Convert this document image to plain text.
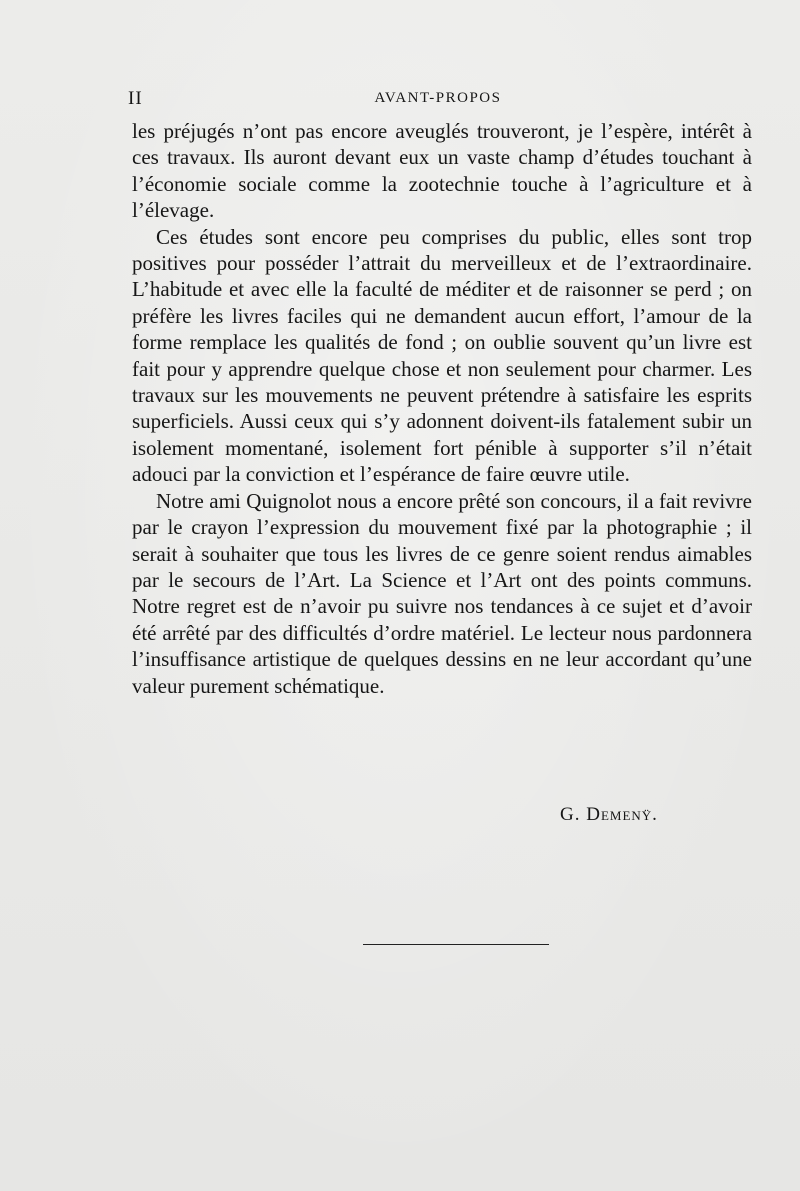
II	AVANT-PROPOS

les préjugés n’ont pas encore aveuglés trouveront, je l’espère, intérêt à ces travaux. Ils auront devant eux un vaste champ d’études touchant à l’économie sociale comme la zootechnie touche à l’agriculture et à l’élevage.

Ces études sont encore peu comprises du public, elles sont trop positives pour posséder l’attrait du merveilleux et de l’extraordinaire. L’habitude et avec elle la faculté de méditer et de raisonner se perd ; on préfère les livres faciles qui ne demandent aucun effort, l’amour de la forme remplace les qualités de fond ; on oublie souvent qu’un livre est fait pour y apprendre quelque chose et non seulement pour charmer. Les travaux sur les mouvements ne peuvent prétendre à satisfaire les esprits superficiels. Aussi ceux qui s’y adonnent doivent-ils fatalement subir un isolement momentané, isolement fort pénible à supporter s’il n’était adouci par la conviction et l’espérance de faire œuvre utile.

Notre ami Quignolot nous a encore prêté son concours, il a fait revivre par le crayon l’expression du mouvement fixé par la photographie ; il serait à souhaiter que tous les livres de ce genre soient rendus aimables par le secours de l’Art. La Science et l’Art ont des points communs. Notre regret est de n’avoir pu suivre nos tendances à ce sujet et d’avoir été arrêté par des difficultés d’ordre matériel. Le lecteur nous pardonnera l’insuffisance artistique de quelques dessins en ne leur accordant qu’une valeur purement schématique.

G. Demenÿ.
